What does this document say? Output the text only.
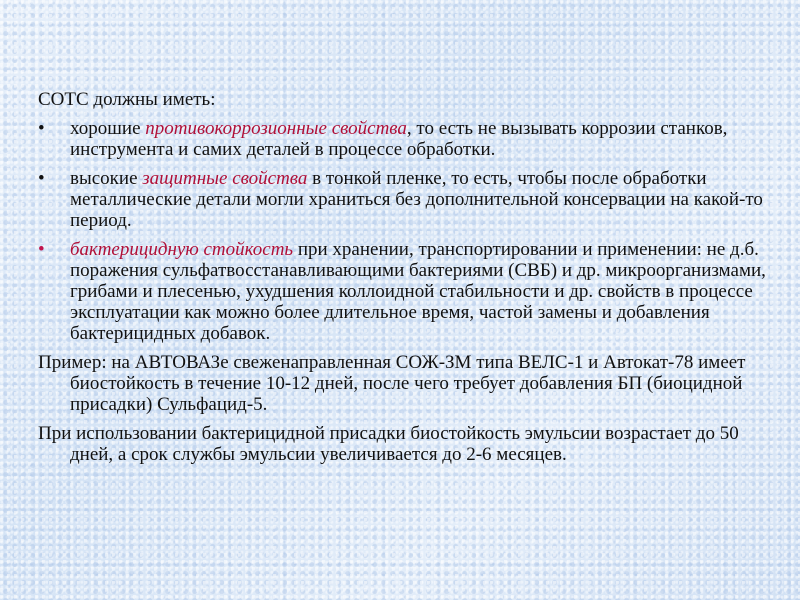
СОТС должны иметь:

•	хорошие противокоррозионные свойства, то есть не вызывать коррозии станков, инструмента и самих деталей в процессе обработки.
•	высокие защитные свойства в тонкой пленке, то есть, чтобы после обработки металлические детали могли храниться без дополнительной консервации на какой-то период.
•	бактерицидную стойкость при хранении, транспортировании и применении: не д.б. поражения сульфатвосстанавливающими бактериями (СВБ) и др. микроорганизмами, грибами и плесенью, ухудшения коллоидной стабильности и др. свойств в процессе эксплуатации как можно более длительное время, частой замены и добавления бактерицидных добавок.

Пример: на АВТОВАЗе свеженаправленная СОЖ-ЗМ типа ВЕЛС-1 и Автокат-78 имеет биостойкость в течение 10-12 дней, после чего требует добавления БП (биоцидной присадки) Сульфацид-5.

При использовании бактерицидной присадки биостойкость эмульсии возрастает до 50 дней, а срок службы эмульсии увеличивается до 2-6 месяцев.
